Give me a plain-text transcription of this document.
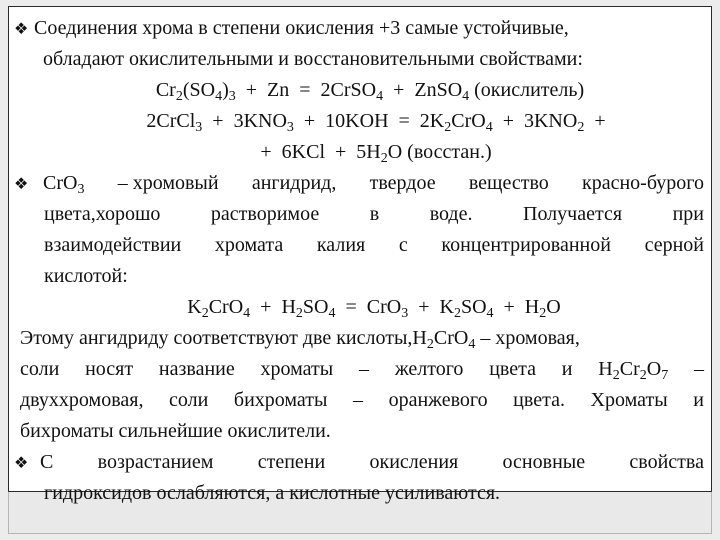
❖ Соединения хрома в степени окисления +3 самые устойчивые,
обладают окислительными и восстановительными свойствами:
$Cr_2(SO_4)_3 + Zn$  =  2CrSO$_4$  +  ZnSO$_4$ (окислитель)
2CrCl$_3$  +  $3KNO_3 + 10KOH = 2K_2CrO_4 + 3KNO_2$  +
+  $6KCl + 5H_2O$ (восстан.)
❖ CrO$_3$ – хромовый ангидрид, твердое вещество красно-бурого
цвета,хорошо	растворимое	в	воде.	Получается	при
взаимодействии хромата калия с концентрированной серной
кислотой:
$K_2CrO_4 + H_2SO_4 = CrO_3 + K_2SO_4 + H_2O$
Этому ангидриду соответствуют две $кислоты,H_2CrO_4$ – хромовая,
соли носят название хроматы – желтого цвета и $H_2Cr_2O_7$ –
двуххромовая, соли бихроматы – оранжевого цвета. Хроматы и
бихроматы сильнейшие окислители.
❖ С возрастанием степени окисления основные свойства
гидроксидов ослабляются, а кислотные усиливаются.
